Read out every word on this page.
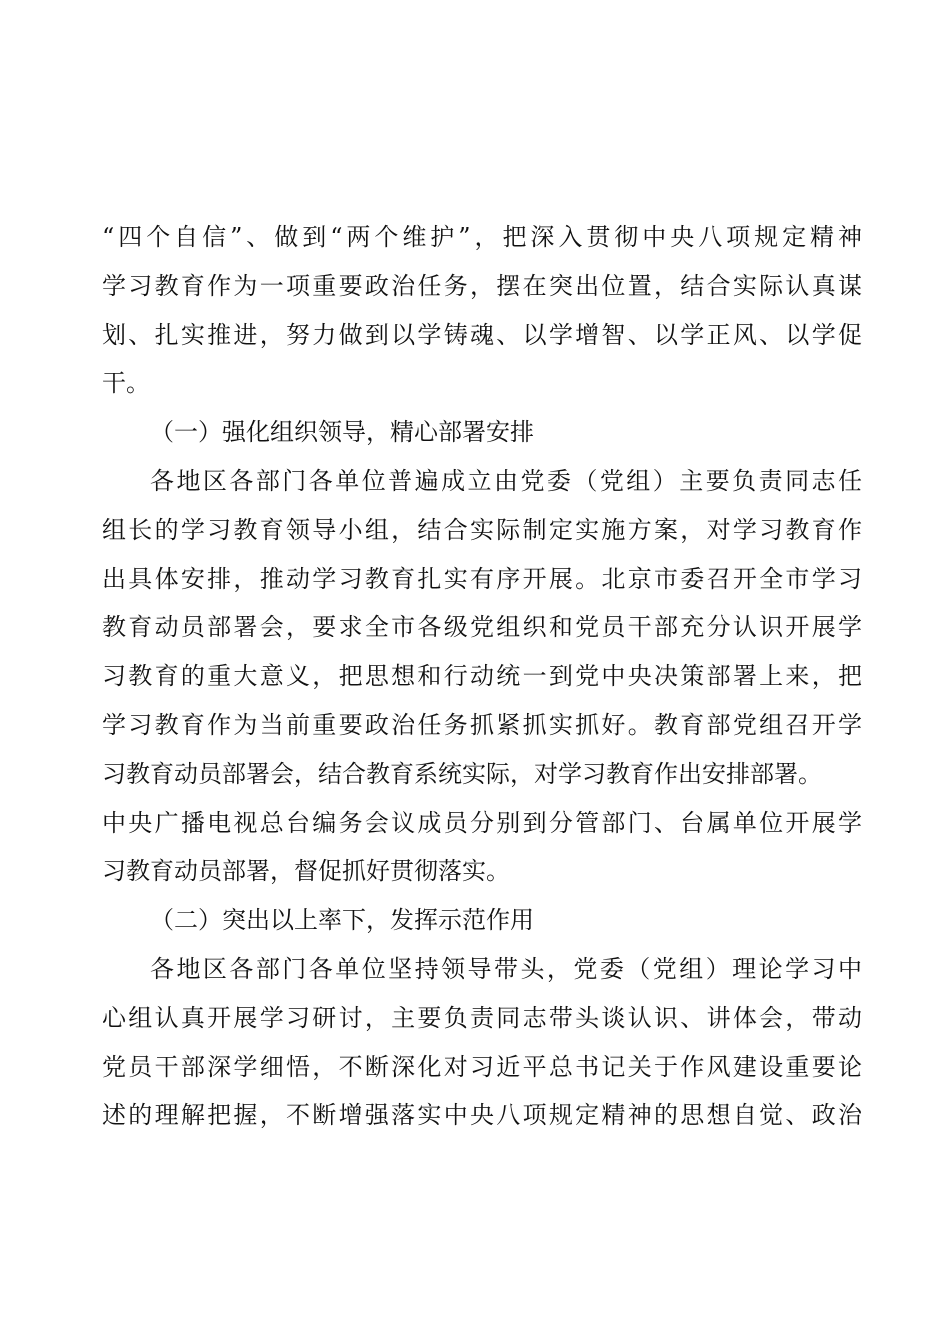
“四个自信”、做到“两个维护”，把深入贯彻中央八项规定精神
学习教育作为一项重要政治任务，摆在突出位置，结合实际认真谋
划、扎实推进，努力做到以学铸魂、以学增智、以学正风、以学促
干。
（一）强化组织领导，精心部署安排
各地区各部门各单位普遍成立由党委（党组）主要负责同志任
组长的学习教育领导小组，结合实际制定实施方案，对学习教育作
出具体安排，推动学习教育扎实有序开展。北京市委召开全市学习
教育动员部署会，要求全市各级党组织和党员干部充分认识开展学
习教育的重大意义，把思想和行动统一到党中央决策部署上来，把
学习教育作为当前重要政治任务抓紧抓实抓好。教育部党组召开学
习教育动员部署会，结合教育系统实际，对学习教育作出安排部署。
中央广播电视总台编务会议成员分别到分管部门、台属单位开展学
习教育动员部署，督促抓好贯彻落实。
（二）突出以上率下，发挥示范作用
各地区各部门各单位坚持领导带头，党委（党组）理论学习中
心组认真开展学习研讨，主要负责同志带头谈认识、讲体会，带动
党员干部深学细悟，不断深化对习近平总书记关于作风建设重要论
述的理解把握，不断增强落实中央八项规定精神的思想自觉、政治
